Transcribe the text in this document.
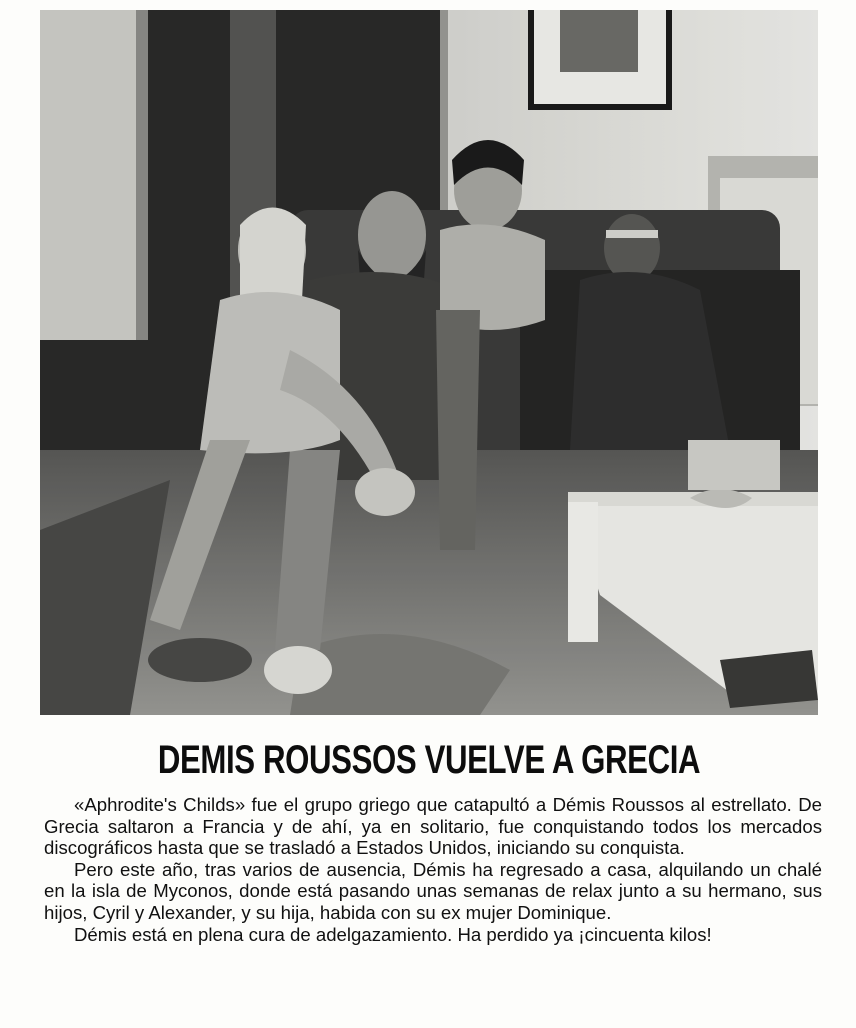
DEMIS ROUSSOS VUELVE A GRECIA

«Aphrodite's Childs» fue el grupo griego que catapultó a Démis Roussos al estrellato. De Grecia saltaron a Francia y de ahí, ya en solitario, fue conquistando todos los mercados discográficos hasta que se trasladó a Estados Unidos, iniciando su conquista.

Pero este año, tras varios de ausencia, Démis ha regresado a casa, alquilando un chalé en la isla de Myconos, donde está pasando unas semanas de relax junto a su hermano, sus hijos, Cyril y Alexander, y su hija, habida con su ex mujer Dominique.

Démis está en plena cura de adelgazamiento. Ha perdido ya ¡cincuenta kilos!
